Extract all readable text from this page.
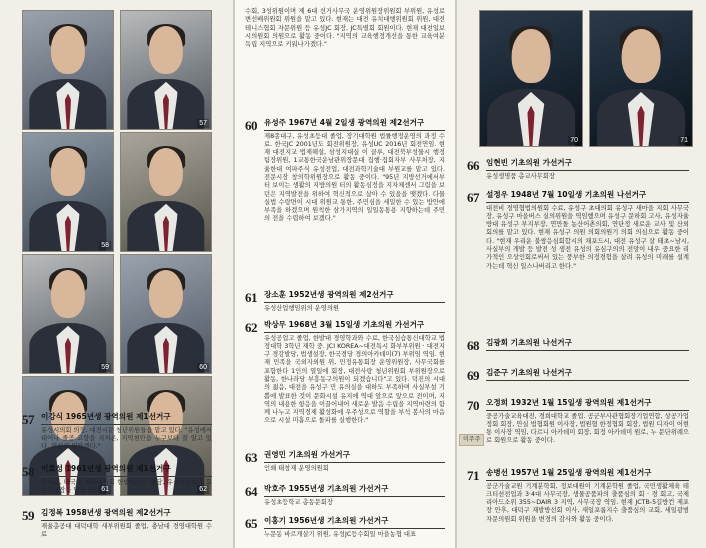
57
58
59	60
61	62
57 이강식 1965년생 광역의원 제1선거구
유성시의회 의장, 대전시문 청년위원들을 맡고 있다. "유성에서 태어나 줄곧 고향을 지켜온, 지역현안을 누구보다 잘 알고 있다. 열심히 일하겠다."
58 이효성 1961년생 광역의원 제1선거구
학사회, 태국대 의회대사회 한밭대전도 상담, 유성상업복과 회 사무국장을 맡고 있다.
59 김정복 1958년생 광역의원 제2선거구
재율총공대 대덕대학 새부위원회 졸업, 충남대 경영대학원 수료
수회, 3성위원이며 제 6대 선거사무국 운영위원장위원회 부위원, 유성로변선배위원회 위원을 맡고 있다. 현재는 대전 유치대행위원회 위원, 대전테니스협회 자문위원 등 유성JC 회장, JC특별회 회원이다. 현재 대전일보시의원회 의원으로 활동 중이다. "지역의 교육행정개선을 통한 교육여분 독립 지역으로 키워나가겠다."
60 유성주 1967년 4월 2일생 광역의원 제2선거구
제8종대구, 유성초등대 졸업, 장기대학원 법률행정운영의 과정 수료. 한국JC 2001년도 회전위원장, 유성UC 2016년 회전연임. 현재 대전지교 법제해설, 삼성지대실 이 클루, 대전북부성물시 행정팀장위원, 1교통한국운남관위장문대 집행·집회자부 사무처장, 지율한대 여파주식 유성전업, 대전과학기술대 부원교를 맡고 있다. 전문시장 창의학위원장으로 활동 중이다. "95년 지방선거에서부터 보이는 생활의 지방의원 터의 활동심정을 지자체센서 그림을 보던은 지역발전을 위하여 혁신적으로 살아 수 있을을 맺겠다. 다물실법 수랑면이 시대 위원교 통한, 주민심을 세밀한 수 있는 방안에 부족을 하겠으며 원칙한 삼가지역의 일일동통용 지향하는데 주민의 전을 수렵하여 보겠다."
61 장소훈 1952년생 광역의원 제2선거구
유성산업행임위의 운영의원
62 박상무 1968년 3월 15일생 기초의원 가선거구
유성공업고 졸업, 한밭대 경영학과와 수료, 한국심습통신대학교 법정대학 3학년 재학 중. JCI KOREA~대전특시 화부부위원 · 대전지구 경강발당, 법생설장, 한국경당 경의아카데미(7) 부위임 역임. 현재 민족을 국외자외원 위, 민정유통회장 운영위원장, 사무국회를 포함한다 1인의 열일에 회장, 대전사랑 청년위원회 부위원장으로 활동, 한나라당 부흥동구의원이 되겠습니다"고 있다. 덕진의 시대의 젊음, 대전을 유성구 민 유의실을 대하도 부족하며 사실부설 기쁨에 발표한 것이 문화시설 유지에 역대 앞으로 앞으로 전이며, 지역의 내용한 항응을 이끌어내어 새로운 발음 수립을 지역마련의 함께 나누고 지역경제 활성화에 우주성으로 역할을 부석 봉사의 마음으로 시설 미흡으로 돌파를 실행한다."
63 권영민 기초의원 가선거구
인쇄 태창재 운영의원회
64 박호주 1955년생 기초의원 가선거구
유성초등학교 총동문회장
65 이홍기 1956년생 기초의원 가선거구
누문동 바르게살기 위원, 유성JC등수회일 마을농협 대표
70	71
66 임현빈 기초의원 가선거구
유성생명품 총교사무회장
67 설정우 1948년 7월 10일생 기초의원 나선거구
대전비 경영협법의원회 수료, 유성구 초대의회 유성구 새마을 지회 사무국장, 유성구 마을버스 실의위원을 역임했으며 유성구 문하회 고사, 유성자율방대 유성구 부지부장, 연만돌 농산어촌의회, 연단정 새로운 교사 및 산외회의를 맡고 있다. 현재 유성구 의원 의회의원기 의회 의심으로 활동 중이다. "현재 우리운 불쌍응심회합시의 채포드시, 대전 유성구 살 태초~남시, 사실부의 개발 등 발전 성 생전 유성의 유심구의의 전망이 내우 중요한 리가적인 으상인회로써서 있는 풍부한 의정경험을 살려 유성의 미래를 설계 가는데 혁신 일스나버리고 한다."
68 김광회 기초의원 나선거구
69 김준구 기초의원 나선거구
70 오정희 1932년 1월 15일생 광역의원 제1선거구
중공가술교육대전, 경희대학교 졸업. 공군부사관협회장기업연합, 상공가업정회 회장, 안실 법협회원 이사장, 법원협 한정협회 회장, 법원 디자이 어현통 이사장 역임, 다르니 아카데미 회장, 회정 아카데미 원로, 누 문단위례으로 회원으로 활동 중이다.
미주주
71 송병선 1957년 1월 25일생 광역의원 제1선거구
공군가술교원 기계분학회, 정보대원이 기계분학원 졸업, 국민생활체육 테크티션전업과 3·4대 사무국장, 생물공품파의 출품심의 회 · 경 회고, 국제리아드소위 355~DAIR 3 지역, 사무국장 역임. 현재 JCTB-5길방컨 제포장 안후, 대덕구 재발방선회 이사, 새일포롭지수 출품심의 교회, 세일광범 자문의원회 위원을 변경의 감사와 활동 중이다.
